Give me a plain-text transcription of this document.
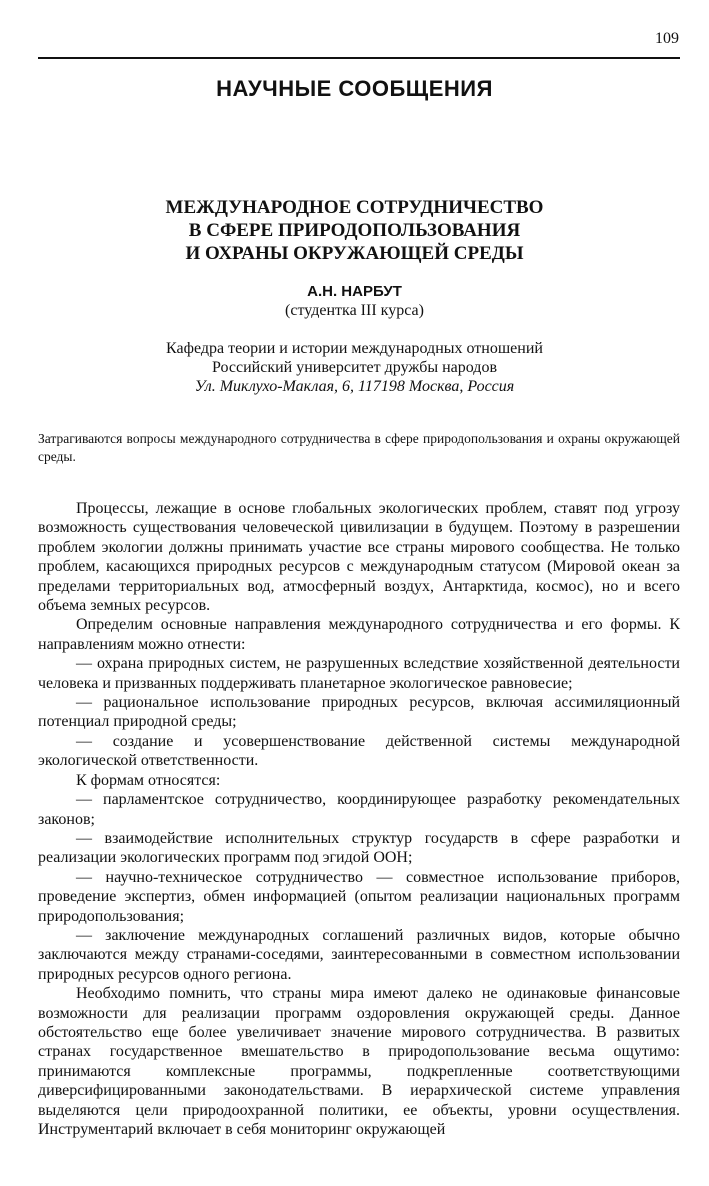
109
НАУЧНЫЕ СООБЩЕНИЯ
МЕЖДУНАРОДНОЕ СОТРУДНИЧЕСТВО
В СФЕРЕ ПРИРОДОПОЛЬЗОВАНИЯ
И ОХРАНЫ ОКРУЖАЮЩЕЙ СРЕДЫ
А.Н. НАРБУТ
(студентка III курса)
Кафедра теории и истории международных отношений
Российский университет дружбы народов
Ул. Миклухо-Маклая, 6, 117198 Москва, Россия
Затрагиваются вопросы международного сотрудничества в сфере природопользования и охраны окружающей среды.

Процессы, лежащие в основе глобальных экологических проблем, ставят под угрозу возможность существования человеческой цивилизации в будущем. Поэтому в разрешении проблем экологии должны принимать участие все страны мирового сообщества. Не только проблем, касающихся природных ресурсов с международным статусом (Мировой океан за пределами территориальных вод, атмосферный воздух, Антарктида, космос), но и всего объема земных ресурсов.

Определим основные направления международного сотрудничества и его формы. К направлениям можно отнести:

— охрана природных систем, не разрушенных вследствие хозяйственной деятельности человека и призванных поддерживать планетарное экологическое равновесие;

— рациональное использование природных ресурсов, включая ассимиляционный потенциал природной среды;

— создание и усовершенствование действенной системы международной экологической ответственности.

К формам относятся:

— парламентское сотрудничество, координирующее разработку рекомендательных законов;

— взаимодействие исполнительных структур государств в сфере разработки и реализации экологических программ под эгидой ООН;

— научно-техническое сотрудничество — совместное использование приборов, проведение экспертиз, обмен информацией (опытом реализации национальных программ природопользования;

— заключение международных соглашений различных видов, которые обычно заключаются между странами-соседями, заинтересованными в совместном использовании природных ресурсов одного региона.

Необходимо помнить, что страны мира имеют далеко не одинаковые финансовые возможности для реализации программ оздоровления окружающей среды. Данное обстоятельство еще более увеличивает значение мирового сотрудничества. В развитых странах государственное вмешательство в природопользование весьма ощутимо: принимаются комплексные программы, подкрепленные соответствующими диверсифицированными законодательствами. В иерархической системе управления выделяются цели природоохранной политики, ее объекты, уровни осуществления. Инструментарий включает в себя мониторинг окружающей
